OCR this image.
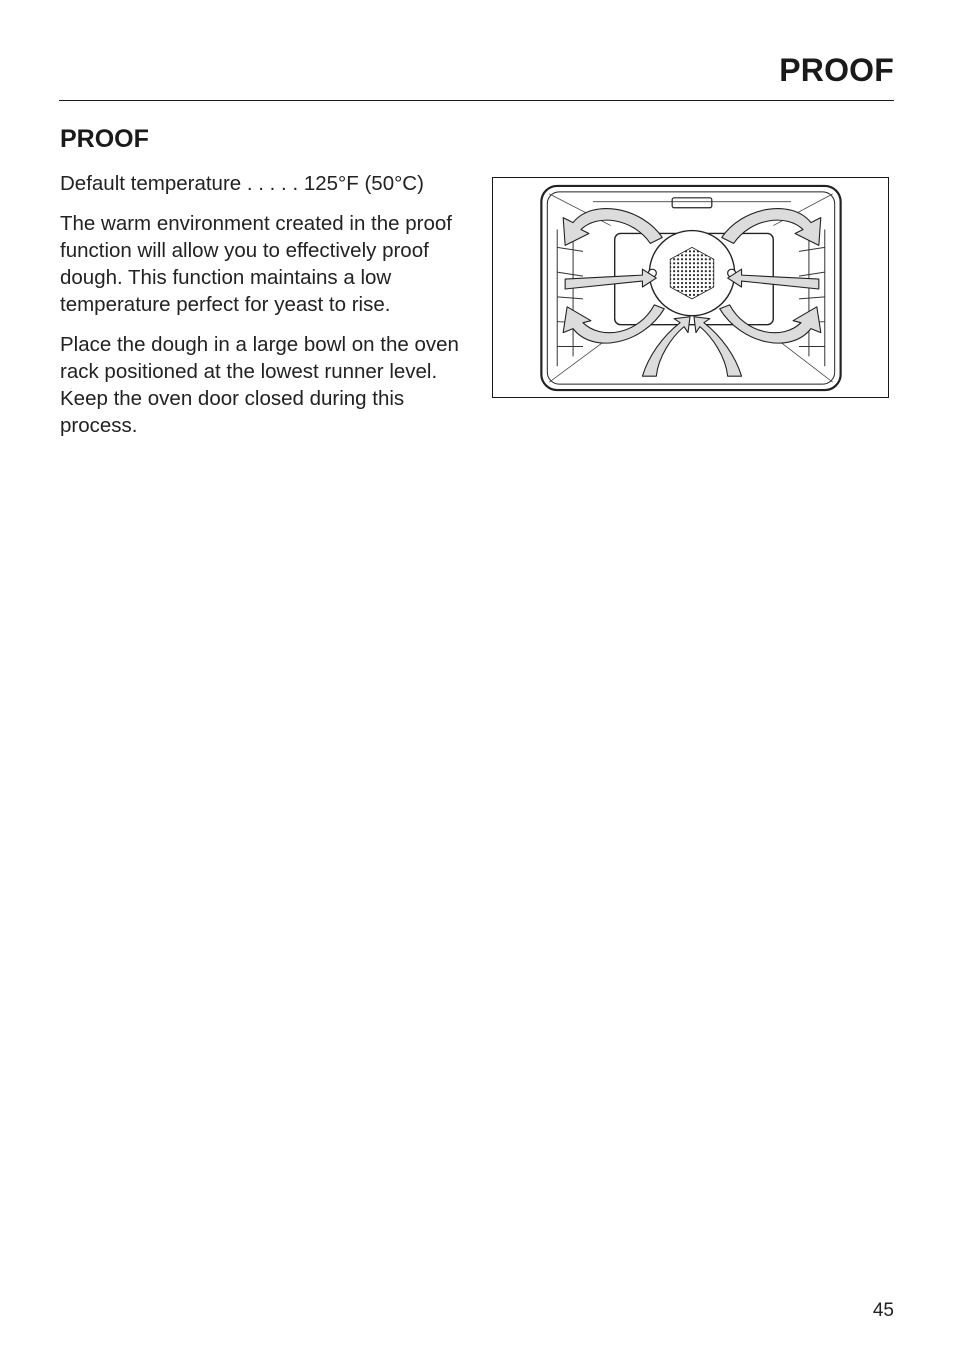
PROOF
PROOF
Default temperature . . . . . 125°F (50°C)

The warm environment created in the proof function will allow you to effectively proof dough. This function maintains a low temperature perfect for yeast to rise.

Place the dough in a large bowl on the oven rack positioned at the lowest runner level. Keep the oven door closed during this process.

45
